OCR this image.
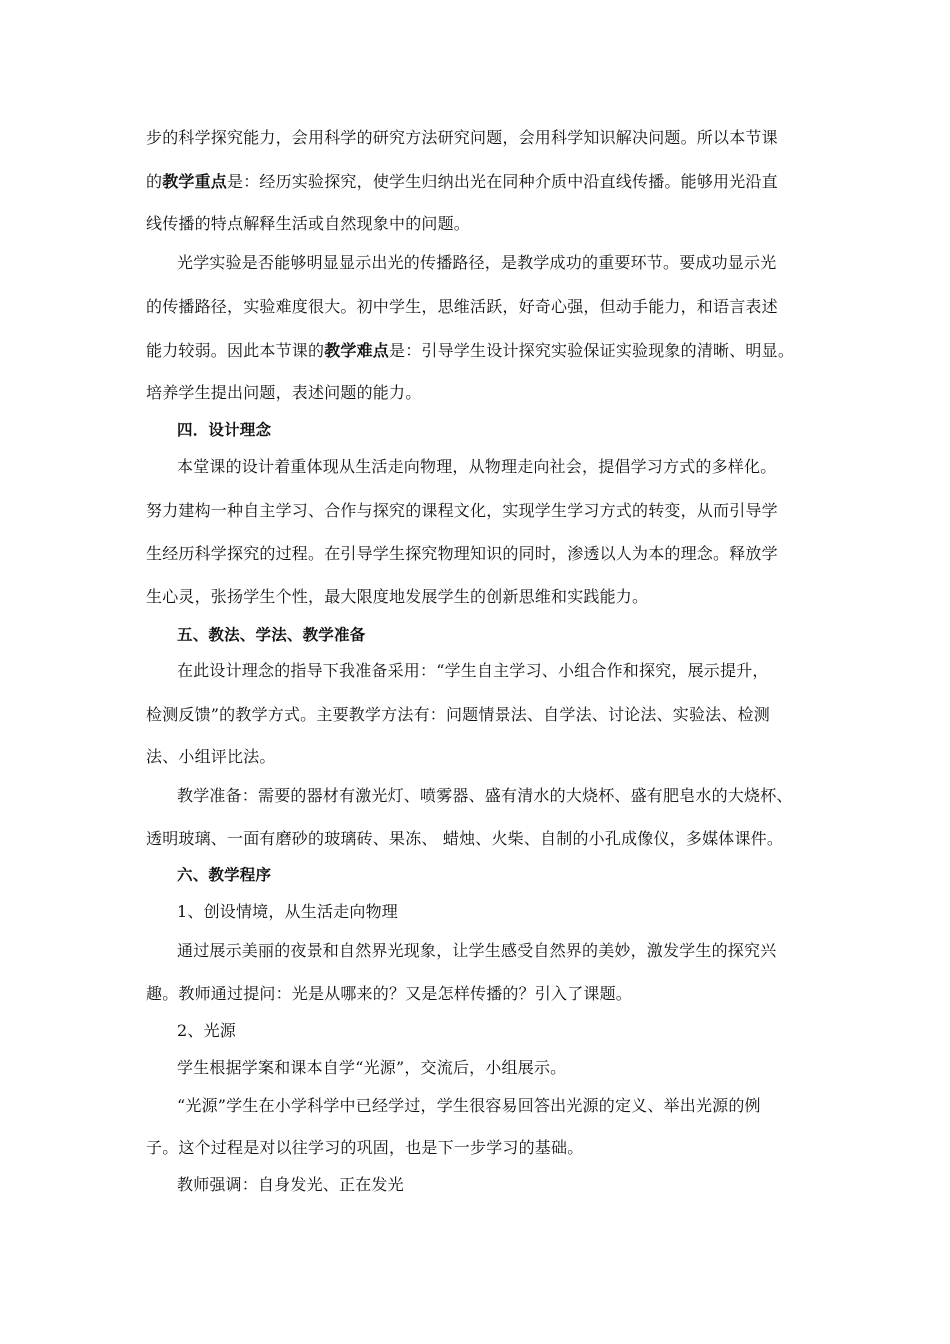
步的科学探究能力，会用科学的研究方法研究问题，会用科学知识解决问题。所以本节课
的教学重点是：经历实验探究，使学生归纳出光在同种介质中沿直线传播。能够用光沿直
线传播的特点解释生活或自然现象中的问题。
光学实验是否能够明显显示出光的传播路径，是教学成功的重要环节。要成功显示光
的传播路径，实验难度很大。初中学生，思维活跃，好奇心强，但动手能力，和语言表述
能力较弱。因此本节课的教学难点是：引导学生设计探究实验保证实验现象的清晰、明显。
培养学生提出问题，表述问题的能力。
四．设计理念
本堂课的设计着重体现从生活走向物理，从物理走向社会，提倡学习方式的多样化。
努力建构一种自主学习、合作与探究的课程文化，实现学生学习方式的转变，从而引导学
生经历科学探究的过程。在引导学生探究物理知识的同时，渗透以人为本的理念。释放学
生心灵，张扬学生个性，最大限度地发展学生的创新思维和实践能力。
五、教法、学法、教学准备
在此设计理念的指导下我准备采用：“学生自主学习、小组合作和探究，展示提升，
检测反馈”的教学方式。主要教学方法有：问题情景法、自学法、讨论法、实验法、检测
法、小组评比法。
教学准备：需要的器材有激光灯、喷雾器、盛有清水的大烧杯、盛有肥皂水的大烧杯、
透明玻璃、一面有磨砂的玻璃砖、果冻、 蜡烛、火柴、自制的小孔成像仪，多媒体课件。
六、教学程序
1、创设情境，从生活走向物理
通过展示美丽的夜景和自然界光现象，让学生感受自然界的美妙，激发学生的探究兴
趣。教师通过提问：光是从哪来的？又是怎样传播的？引入了课题。
2、光源
学生根据学案和课本自学“光源”，交流后，小组展示。
“光源”学生在小学科学中已经学过，学生很容易回答出光源的定义、举出光源的例
子。这个过程是对以往学习的巩固，也是下一步学习的基础。
教师强调：自身发光、正在发光
